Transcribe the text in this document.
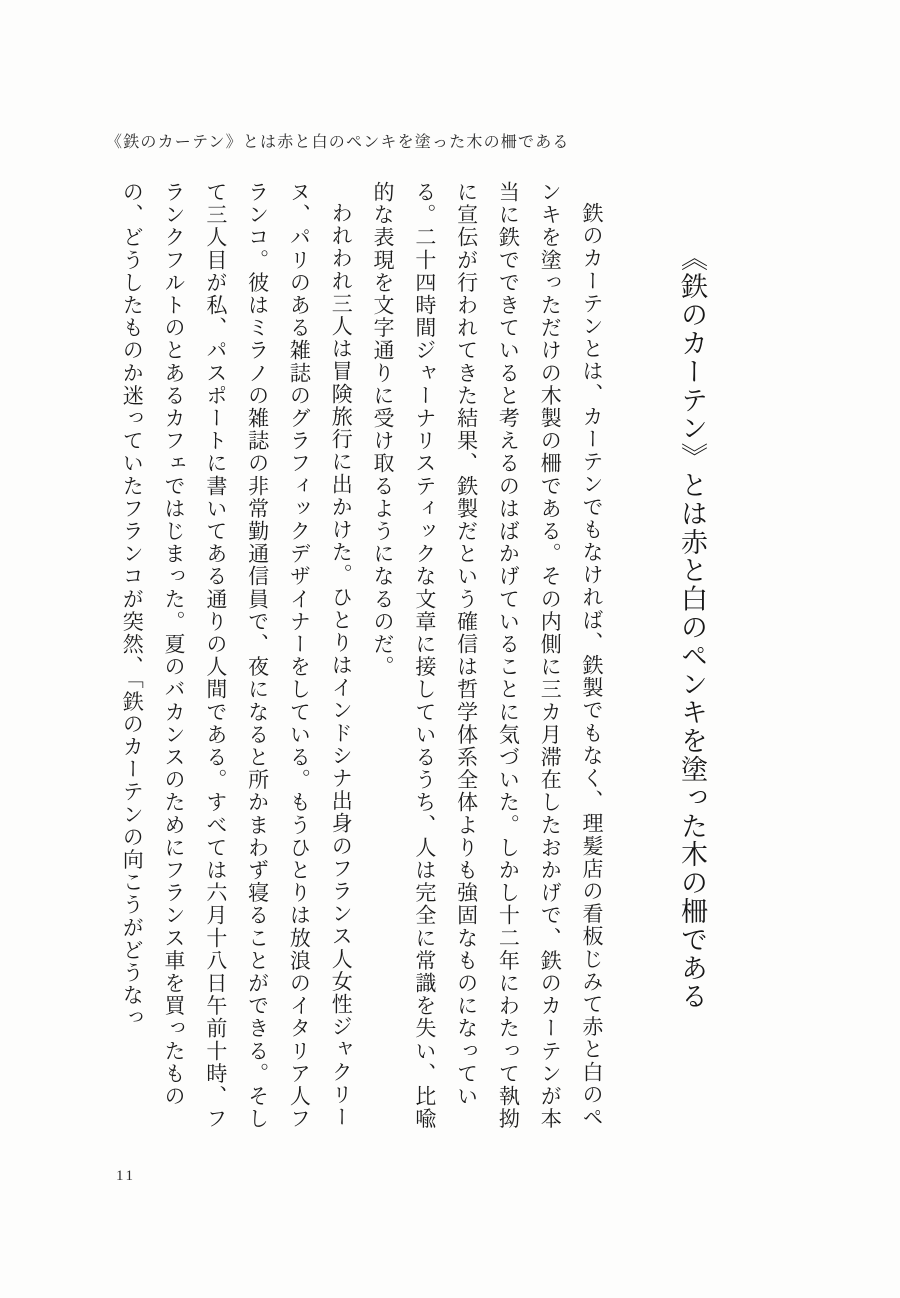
《鉄のカーテン》とは赤と白のペンキを塗った木の柵である
《鉄のカーテン》とは赤と白のペンキを塗った木の柵である

鉄のカーテンとは、カーテンでもなければ、鉄製でもなく、理髪店の看板じみて赤と白のペンキを塗っただけの木製の柵である。その内側に三カ月滞在したおかげで、鉄のカーテンが本当に鉄でできていると考えるのはばかげていることに気づいた。しかし十二年にわたって執拗に宣伝が行われてきた結果、鉄製だという確信は哲学体系全体よりも強固なものになっている。二十四時間ジャーナリスティックな文章に接しているうち、人は完全に常識を失い、比喩的な表現を文字通りに受け取るようになるのだ。

われわれ三人は冒険旅行に出かけた。ひとりはインドシナ出身のフランス人女性ジャクリーヌ、パリのある雑誌のグラフィックデザイナーをしている。もうひとりは放浪のイタリア人フランコ。彼はミラノの雑誌の非常勤通信員で、夜になると所かまわず寝ることができる。そして三人目が私、パスポートに書いてある通りの人間である。すべては六月十八日午前十時、フランクフルトのとあるカフェではじまった。夏のバカンスのためにフランス車を買ったものの、どうしたものか迷っていたフランコが突然、「鉄のカーテンの向こうがどうなっ

11
